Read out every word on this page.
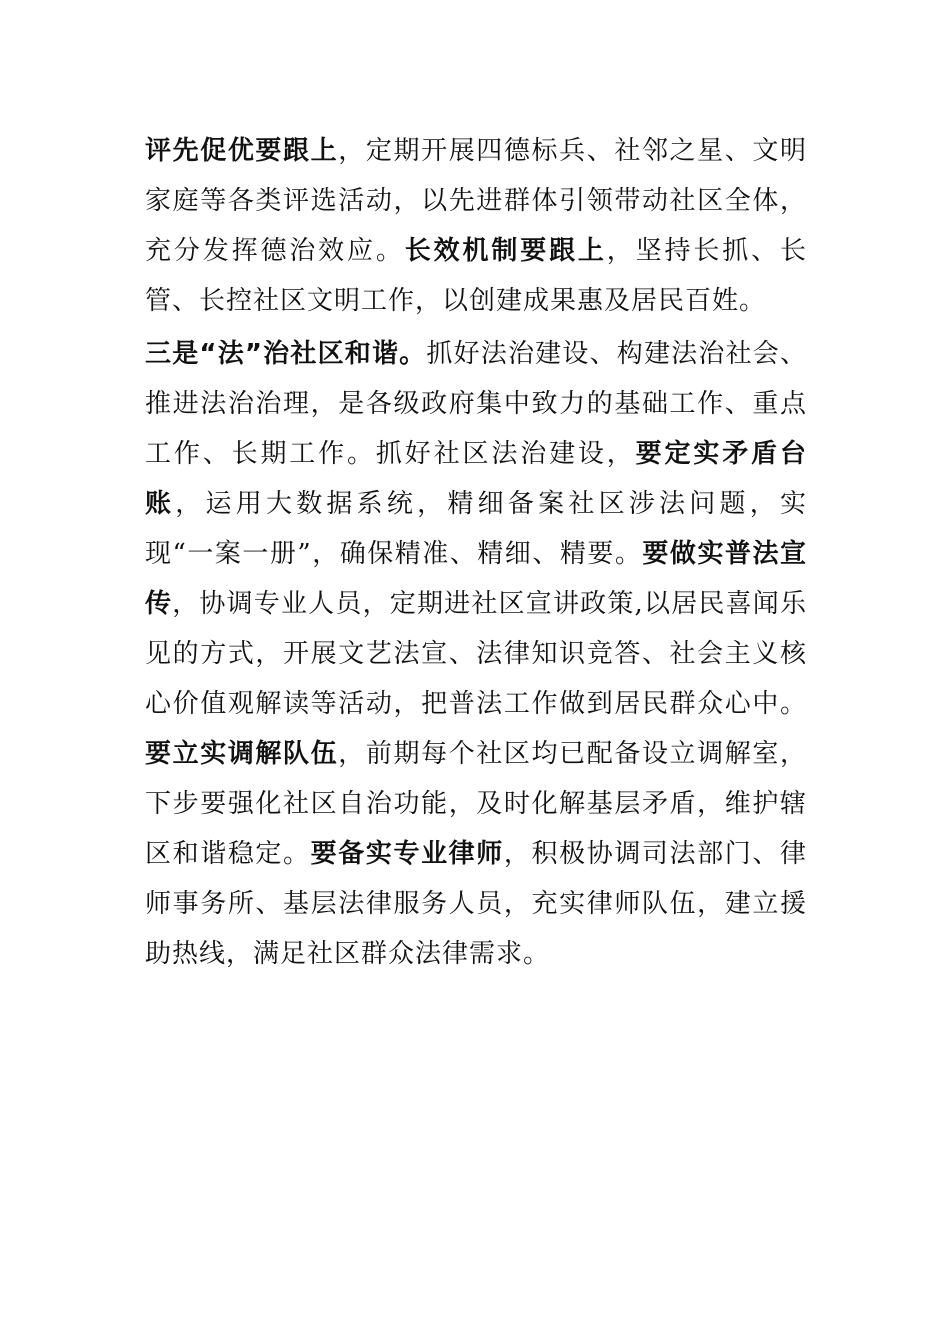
评先促优要跟上，定期开展四德标兵、社邻之星、文明家庭等各类评选活动，以先进群体引领带动社区全体，充分发挥德治效应。长效机制要跟上，坚持长抓、长管、长控社区文明工作，以创建成果惠及居民百姓。

三是“法”治社区和谐。抓好法治建设、构建法治社会、推进法治治理，是各级政府集中致力的基础工作、重点工作、长期工作。抓好社区法治建设，要定实矛盾台账，运用大数据系统，精细备案社区涉法问题，实现“一案一册”，确保精准、精细、精要。要做实普法宣传，协调专业人员，定期进社区宣讲政策,以居民喜闻乐见的方式，开展文艺法宣、法律知识竞答、社会主义核心价值观解读等活动，把普法工作做到居民群众心中。要立实调解队伍，前期每个社区均已配备设立调解室，下步要强化社区自治功能，及时化解基层矛盾，维护辖区和谐稳定。要备实专业律师，积极协调司法部门、律师事务所、基层法律服务人员，充实律师队伍，建立援助热线，满足社区群众法律需求。
